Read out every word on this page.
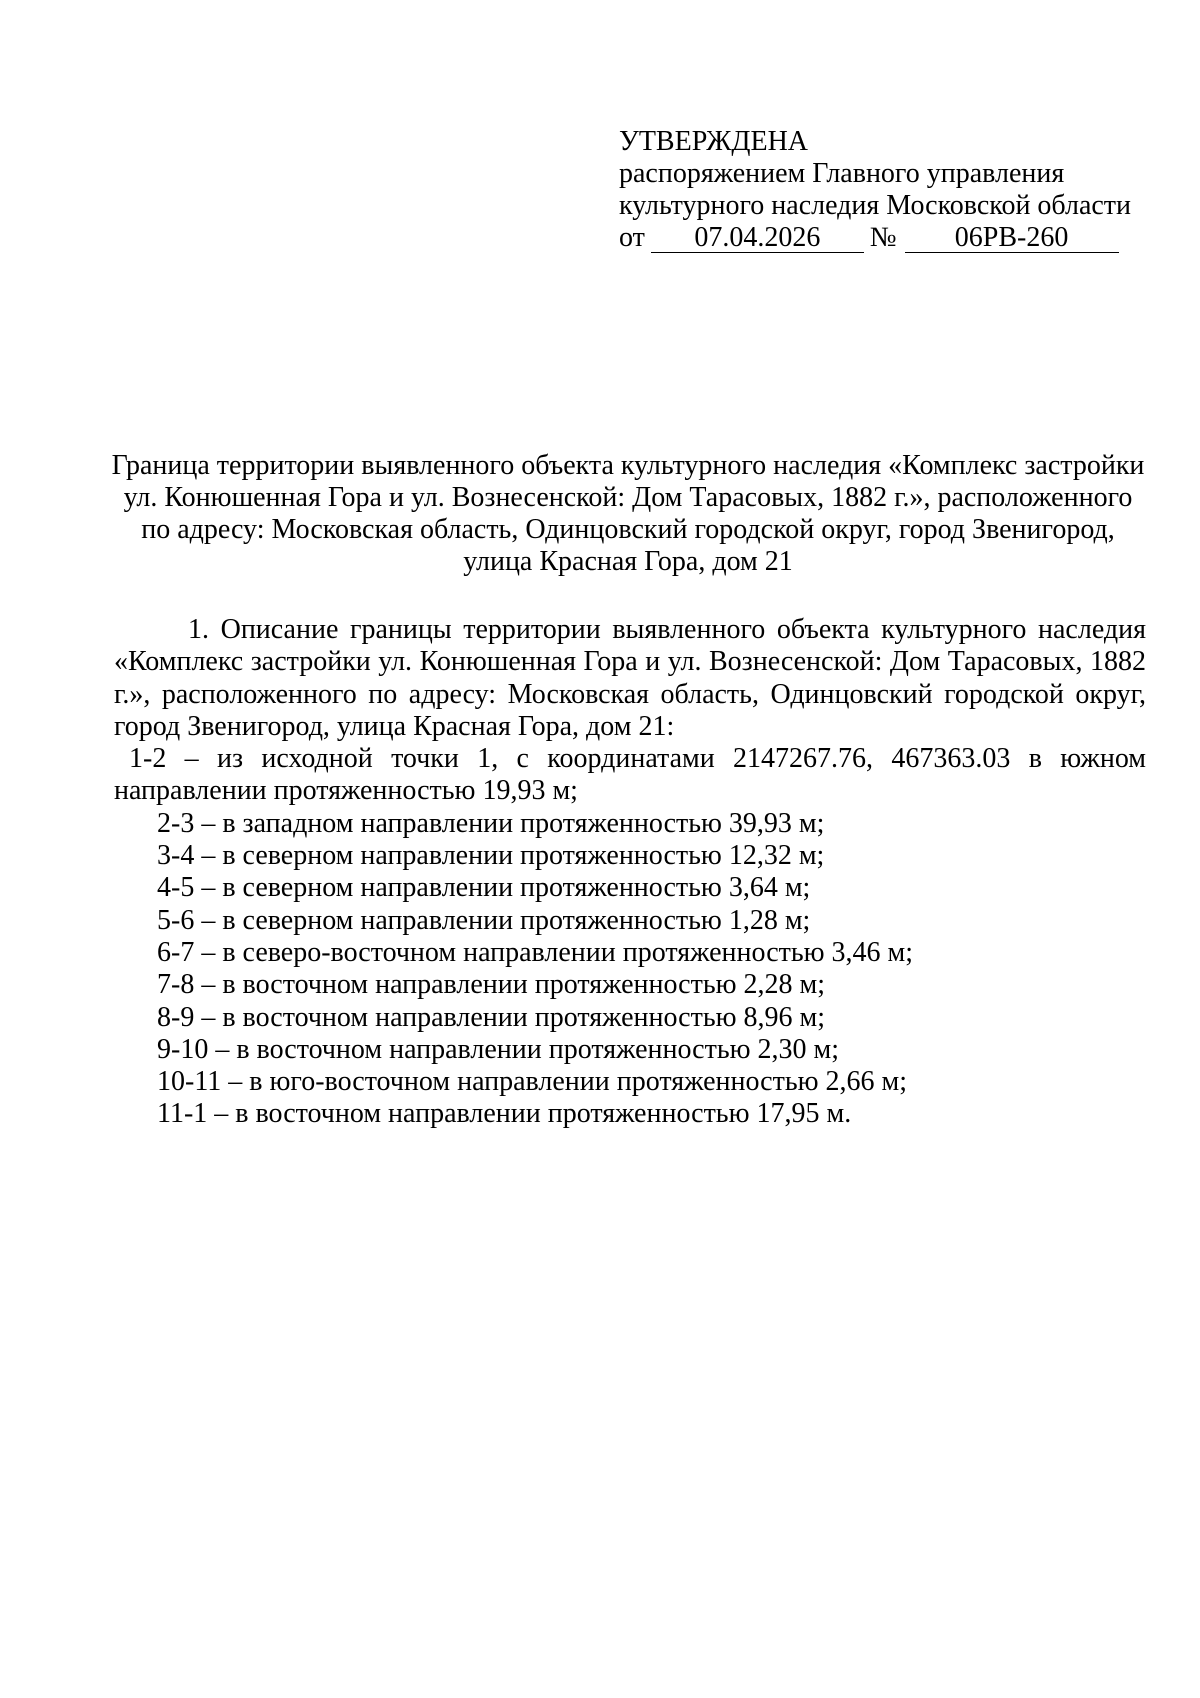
УТВЕРЖДЕНА
распоряжением Главного управления
культурного наследия Московской области
от 07.04.2026 № 06РВ-260
Граница территории выявленного объекта культурного наследия «Комплекс застройки ул. Конюшенная Гора и ул. Вознесенской: Дом Тарасовых, 1882 г.», расположенного по адресу: Московская область, Одинцовский городской округ, город Звенигород, улица Красная Гора, дом 21

1. Описание границы территории выявленного объекта культурного наследия «Комплекс застройки ул. Конюшенная Гора и ул. Вознесенской: Дом Тарасовых, 1882 г.», расположенного по адресу: Московская область, Одинцовский городской округ, город Звенигород, улица Красная Гора, дом 21:

1-2 – из исходной точки 1, с координатами 2147267.76, 467363.03 в южном направлении протяженностью 19,93 м;

2-3 – в западном направлении протяженностью 39,93 м;

3-4 – в северном направлении протяженностью 12,32 м;

4-5 – в северном направлении протяженностью 3,64 м;

5-6 – в северном направлении протяженностью 1,28 м;

6-7 – в северо-восточном направлении протяженностью 3,46 м;

7-8 – в восточном направлении протяженностью 2,28 м;

8-9 – в восточном направлении протяженностью 8,96 м;

9-10 – в восточном направлении протяженностью 2,30 м;

10-11 – в юго-восточном направлении протяженностью 2,66 м;

11-1 – в восточном направлении протяженностью 17,95 м.
